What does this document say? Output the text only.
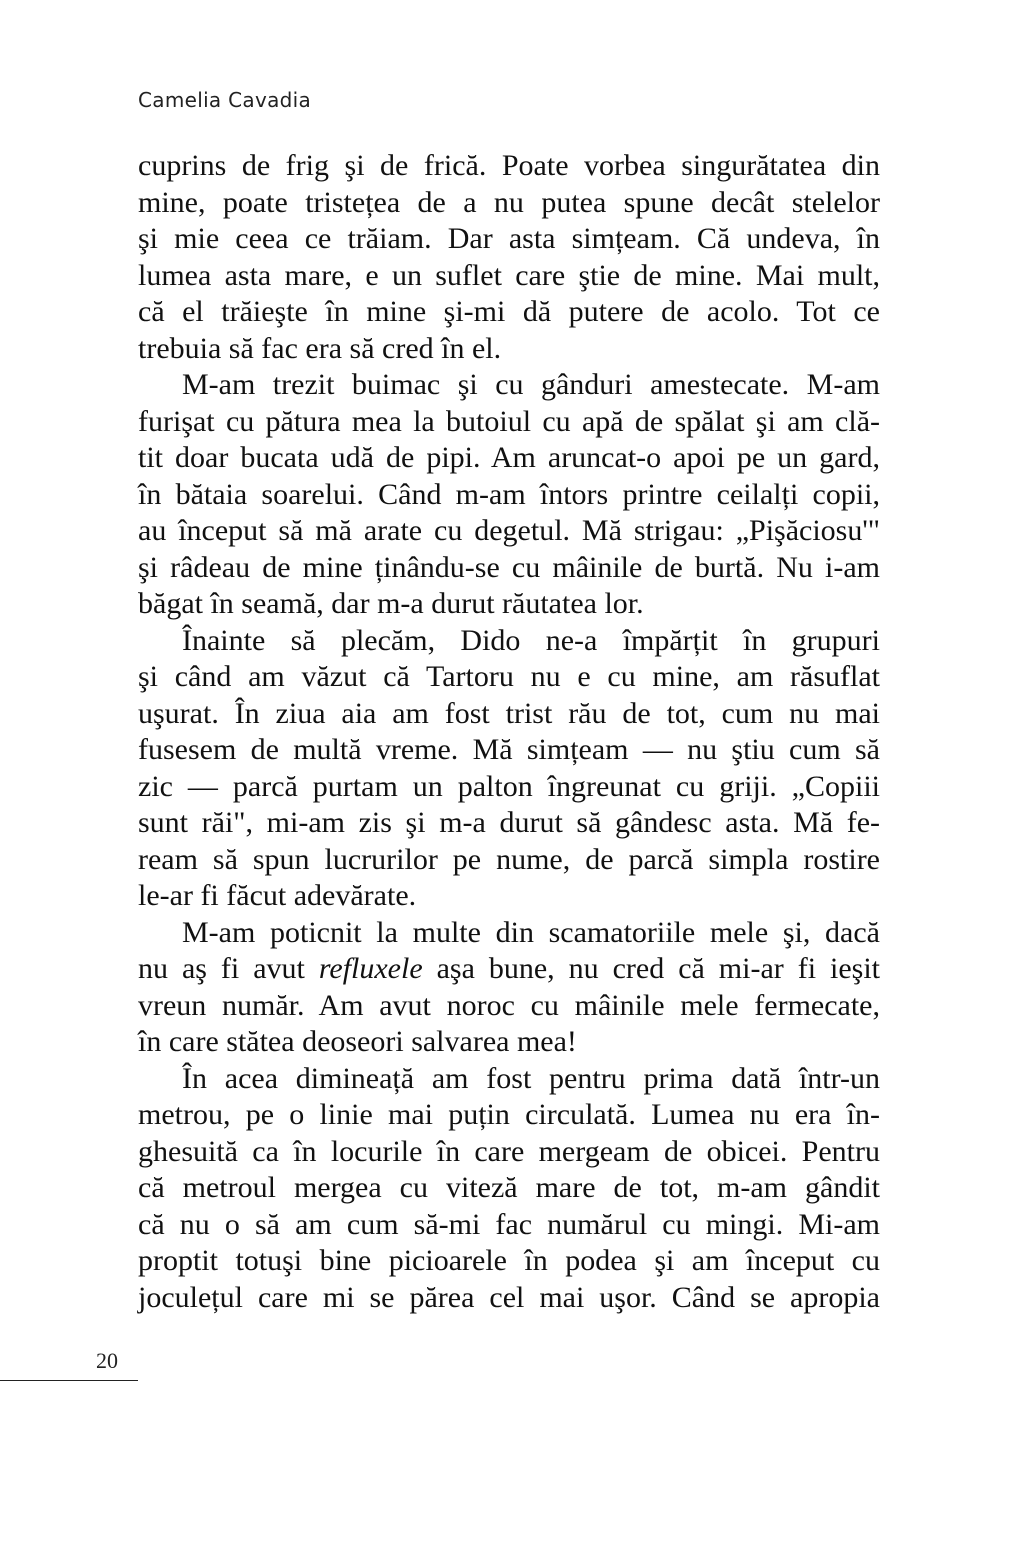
Camelia Cavadia

cuprins de frig şi de frică. Poate vorbea singurătatea din
mine, poate tristețea de a nu putea spune decât stelelor
şi mie ceea ce trăiam. Dar asta simțeam. Că undeva, în
lumea asta mare, e un suflet care ştie de mine. Mai mult,
că el trăieşte în mine şi-mi dă putere de acolo. Tot ce
trebuia să fac era să cred în el.
M-am trezit buimac şi cu gânduri amestecate. M-am
furişat cu pătura mea la butoiul cu apă de spălat şi am clă-
tit doar bucata udă de pipi. Am aruncat-o apoi pe un gard,
în bătaia soarelui. Când m-am întors printre ceilalți copii,
au început să mă arate cu degetul. Mă strigau: „Pişăciosu'"
şi râdeau de mine ținându-se cu mâinile de burtă. Nu i-am
băgat în seamă, dar m-a durut răutatea lor.
Înainte să plecăm, Dido ne-a împărțit în grupuri
şi când am văzut că Tartoru nu e cu mine, am răsuflat
uşurat. În ziua aia am fost trist rău de tot, cum nu mai
fusesem de multă vreme. Mă simțeam — nu ştiu cum să
zic — parcă purtam un palton îngreunat cu griji. „Copiii
sunt răi", mi-am zis şi m-a durut să gândesc asta. Mă fe-
ream să spun lucrurilor pe nume, de parcă simpla rostire
le-ar fi făcut adevărate.
M-am poticnit la multe din scamatoriile mele şi, dacă
nu aş fi avut refluxele aşa bune, nu cred că mi-ar fi ieşit
vreun număr. Am avut noroc cu mâinile mele fermecate,
în care stătea deoseori salvarea mea!
În acea dimineață am fost pentru prima dată într-un
metrou, pe o linie mai puțin circulată. Lumea nu era în-
ghesuită ca în locurile în care mergeam de obicei. Pentru
că metroul mergea cu viteză mare de tot, m-am gândit
că nu o să am cum să-mi fac numărul cu mingi. Mi-am
proptit totuşi bine picioarele în podea şi am început cu
joculețul care mi se părea cel mai uşor. Când se apropia

20
